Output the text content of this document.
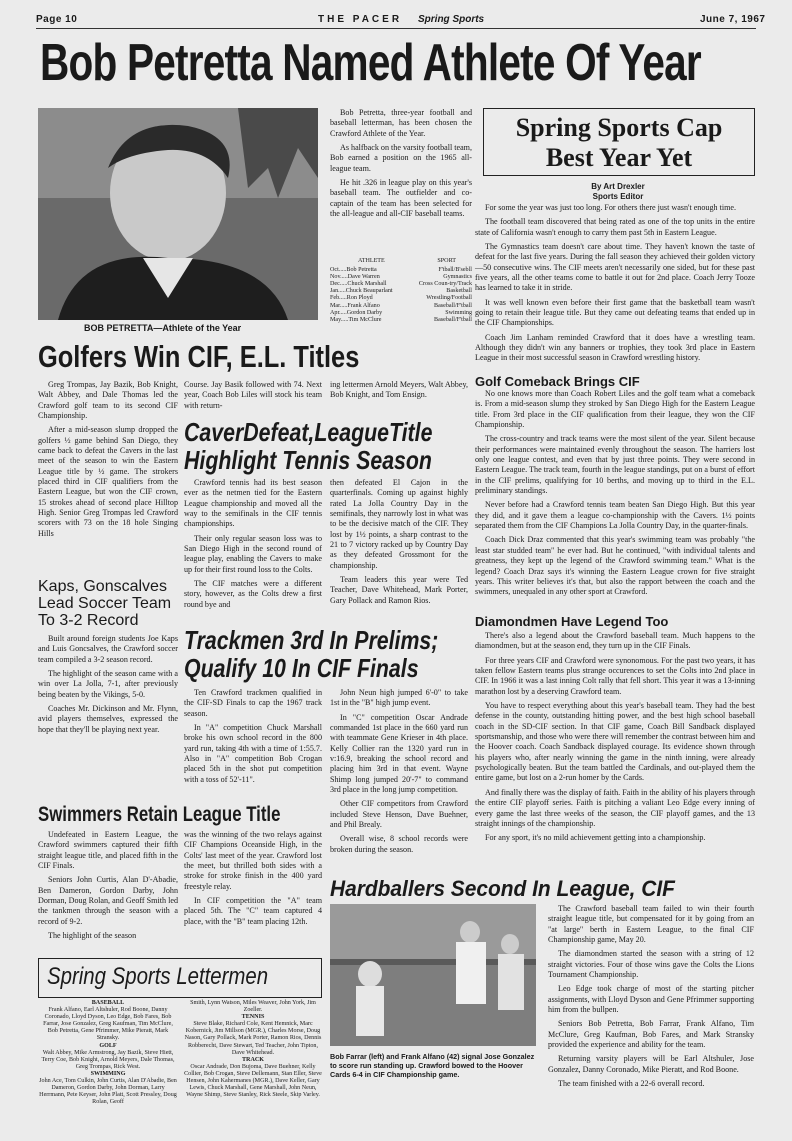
Page 10	THE PACER Spring Sports	June 7, 1967
Bob Petretta Named Athlete Of Year
BOB PETRETTA—Athlete of the Year

Bob Petretta, three-year football and baseball letterman, has been chosen the Crawford Athlete of the Year.

As halfback on the varsity football team, Bob earned a position on the 1965 all-league team.

He hit .326 in league play on this year's baseball team. The outfielder and co-captain of the team has been selected for the all-league and all-CIF baseball teams.

ATHLETE	SPORT
Oct.....Bob Petretta	F'tball/B'sebll
Nov.....Dave Warren	Gymnastics
Dec.....Chuck Marshall	Cross Coun-try/Track
Jan.....Chuck Beauparlant	Basketball
Feb.....Ron Ployd	Wrestling/Football
Mar.....Frank Alfano	Baseball/F'tball
Apr.....Gordon Darby	Swimming
May.....Tim McClure	Baseball/F'tball
Spring Sports Cap
Best Year Yet
By Art Drexler
Sports Editor

For some the year was just too long. For others there just wasn't enough time.

The football team discovered that being rated as one of the top units in the entire state of California wasn't enough to carry them past 5th in Eastern League.

The Gymnastics team doesn't care about time. They haven't known the taste of defeat for the last five years. During the fall season they achieved their golden victory—50 consecutive wins. The CIF meets aren't necessarily one sided, but for these past five years, all the other teams come to battle it out for 2nd place. Coach Jerry Tooze has learned to take it in stride.

It was well known even before their first game that the basketball team wasn't going to retain their league title. But they came out defeating teams that ended up in the CIF Championships.

Coach Jim Lanham reminded Crawford that it does have a wrestling team. Although they didn't win any banners or trophies, they took 3rd place in Eastern League in their most successful season in Crawford wrestling history.

Golf Comeback Brings CIF

No one knows more than Coach Robert Liles and the golf team what a comeback is. From a mid-season slump they stroked by San Diego High for the Eastern League title. From 3rd place in the CIF qualification from their league, they won the CIF Championship.

The cross-country and track teams were the most silent of the year. Silent because their performances were maintained evenly throughout the season. The harriers lost only one league contest, and even that by just three points. They were second in Eastern League. The track team, fourth in the league standings, put on a burst of effort in the CIF prelims, qualifying for 10 berths, and moving up to third in the E.L. preliminary standings.

Never before had a Crawford tennis team beaten San Diego High. But this year they did, and it gave them a league co-championship with the Cavers. 1½ points separated them from the CIF Champions La Jolla Country Day, in the quarter-finals.

Coach Dick Draz commented that this year's swimming team was probably "the least star studded team" he ever had. But he continued, "with individual talents and greatness, they kept up the legend of the Crawford swimming team." What is the legend? Coach Draz says it's winning the Eastern League crown for five straight years. This writer believes it's that, but also the rapport between the coach and the swimmers, unequaled in any other sport at Crawford.

Diamondmen Have Legend Too

There's also a legend about the Crawford baseball team. Much happens to the diamondmen, but at the season end, they turn up in the CIF Finals.

For three years CIF and Crawford were synonomous. For the past two years, it has taken fellow Eastern teams plus strange occurences to set the Colts into 2nd place in CIF. In 1966 it was a last inning Colt rally that fell short. This year it was a 13-inning marathon lost by a deserving Crawford team.

You have to respect everything about this year's baseball team. They had the best defense in the county, outstanding hitting power, and the best high school baseball coach in the SD-CIF section. In that CIF game, Coach Bill Sandback displayed sportsmanship, and those who were there will remember the contrast between him and the Hoover coach. Coach Sandback displayed courage. Its evidence shown through his players who, after nearly winning the game in the ninth inning, were already psychologically beaten. But the team battled the Cardinals, and out-played them the entire game, but lost on a 2-run homer by the Cards.

And finally there was the display of faith. Faith in the ability of his players through the entire CIF playoff series. Faith is pitching a valiant Leo Edge every inning of every game the last three weeks of the season, the CIF playoff games, and the 13 straight innings of the championship.

For any sport, it's no mild achievement getting into a championship.

Golfers Win CIF, E.L. Titles

Greg Trompas, Jay Bazik, Bob Knight, Walt Abbey, and Dale Thomas led the Crawford golf team to its second CIF Championship.

After a mid-season slump dropped the golfers ½ game behind San Diego, they came back to defeat the Cavers in the last meet of the season to win the Eastern League title by ½ game. The strokers placed third in CIF qualifiers from the Eastern League, but won the CIF crown, 15 strokes ahead of second place Hilltop High. Senior Greg Trompas led Crawford scorers with 73 on the 18 hole Singing Hills

Course. Jay Basik followed with 74. Next year, Coach Bob Liles will stock his team with return-

ing lettermen Arnold Meyers, Walt Abbey, Bob Knight, and Tom Ensign.

CaverDefeat,LeagueTitle
Highlight Tennis Season

Crawford tennis had its best season ever as the netmen tied for the Eastern League championship and moved all the way to the semifinals in the CIF tennis championships.

Their only regular season loss was to San Diego High in the second round of league play, enabling the Cavers to make up for their first round loss to the Colts.

The CIF matches were a different story, however, as the Colts drew a first round bye and

then defeated El Cajon in the quarterfinals. Coming up against highly rated La Jolla Country Day in the semifinals, they narrowly lost in what was to be the decisive match of the CIF. They lost by 1½ points, a sharp contrast to the 21 to 7 victory racked up by Country Day as they defeated Grossmont for the championship.

Team leaders this year were Ted Teacher, Dave Whitehead, Mark Porter, Gary Pollack and Ramon Rios.

Kaps, Gonscalves
Lead Soccer Team
To 3-2 Record

Built around foreign students Joe Kaps and Luis Goncsalves, the Crawford soccer team compiled a 3-2 season record.

The highlight of the season came with a win over La Jolla, 7-1, after previously being beaten by the Vikings, 5-0.

Coaches Mr. Dickinson and Mr. Flynn, avid players themselves, expressed the hope that they'll be playing next year.

Trackmen 3rd In Prelims;
Qualify 10 In CIF Finals

Ten Crawford trackmen qualified in the CIF-SD Finals to cap the 1967 track season.

In "A" competition Chuck Marshall broke his own school record in the 800 yard run, taking 4th with a time of 1:55.7. Also in "A" competition Bob Crogan placed 5th in the shot put competition with a toss of 52'-11".

John Neun high jumped 6'-0" to take 1st in the "B" high jump event.

In "C" competition Oscar Andrade commanded 1st place in the 660 yard run with teammate Gene Krieser in 4th place. Kelly Collier ran the 1320 yard run in v:16.9, breaking the school record and placing him 3rd in that event. Wayne Shimp long jumped 20'-7" to command 3rd place in the long jump competition.

Other CIF competitors from Crawford included Steve Henson, Dave Buehner, and Phil Brealy.

Overall wise, 8 school records were broken during the season.

Swimmers Retain League Title

Undefeated in Eastern League, the Crawford swimmers captured their fifth straight league title, and placed fifth in the CIF Finals.

Seniors John Curtis, Alan D'-Abadie, Ben Dameron, Gordon Darby, John Dorman, Doug Rolan, and Geoff Smith led the tankmen through the season with a record of 9-2.

The highlight of the season

was the winning of the two relays against CIF Champions Oceanside High, in the Colts' last meet of the year. Crawford lost the meet, but thrilled both sides with a stroke for stroke finish in the 400 yard freestyle relay.

In CIF competition the "A" team placed 5th. The "C" team captured 4 place, with the "B" team placing 12th.

Hardballers Second In League, CIF
Spring Sports Lettermen
BASEBALL

Frank Alfano, Earl Altshuler, Rod Boone, Danny Coronado, Lloyd Dyson, Leo Edge, Bob Fares, Bob Farrar, Jose Gonzalez, Greg Kaufman, Tim McClure, Bob Petretta, Gene Pfrimmer, Mike Pieratt, Mark Stransky.

GOLF

Walt Abbey, Mike Armstrong, Jay Bazik, Steve Hiett, Terry Coe, Bob Knight, Arnold Meyers, Dale Thomas, Greg Trompas, Rick West.

SWIMMING

John Ace, Tom Culkin, John Curtis, Alan D'Abadie, Ben Dameron, Gordon Darby, John Dorman, Larry Herrmann, Pete Keyser, John Platt, Scott Pressley, Doug Rolan, Geoff

Smith, Lynn Watson, Miles Weaver, John York, Jim Zoeller.

TENNIS

Steve Blake, Richard Cole, Kent Hemnick, Marc Kobernick, Jim Millson (MGR.), Charles Morse, Doug Nason, Gary Pollack, Mark Porter, Ramon Rios, Dennis Robberecht, Dave Stewart, Ted Teacher, John Tipton, Dave Whitehead.

TRACK

Oscar Andrade, Don Bujoma, Dave Buehner, Kelly Collier, Bob Crogan, Steve Dellemann, Stan Eller, Steve Hensen, John Kahermanes (MGR.), Dave Keller, Gary Lewis, Chuck Marshall, Gene Marshall, John Neun, Wayne Shimp, Steve Stanley, Rick Steele, Skip Varley.

Bob Farrar (left) and Frank Alfano (42) signal Jose Gonzalez to score run standing up. Crawford bowed to the Hoover Cards 6-4 in CIF Championship game.

The Crawford baseball team failed to win their fourth straight league title, but compensated for it by going from an "at large" berth in Eastern League, to the final CIF Championship game, May 20.

The diamondmen started the season with a string of 12 straight victories. Four of those wins gave the Colts the Lions Tournament Championship.

Leo Edge took charge of most of the starting pitcher assignments, with Lloyd Dyson and Gene Pfrimmer supporting him from the bullpen.

Seniors Bob Petretta, Bob Farrar, Frank Alfano, Tim McClure, Greg Kaufman, Bob Fares, and Mark Stransky provided the experience and ability for the team.

Returning varsity players will be Earl Altshuler, Jose Gonzalez, Danny Coronado, Mike Pieratt, and Rod Boone.

The team finished with a 22-6 overall record.
